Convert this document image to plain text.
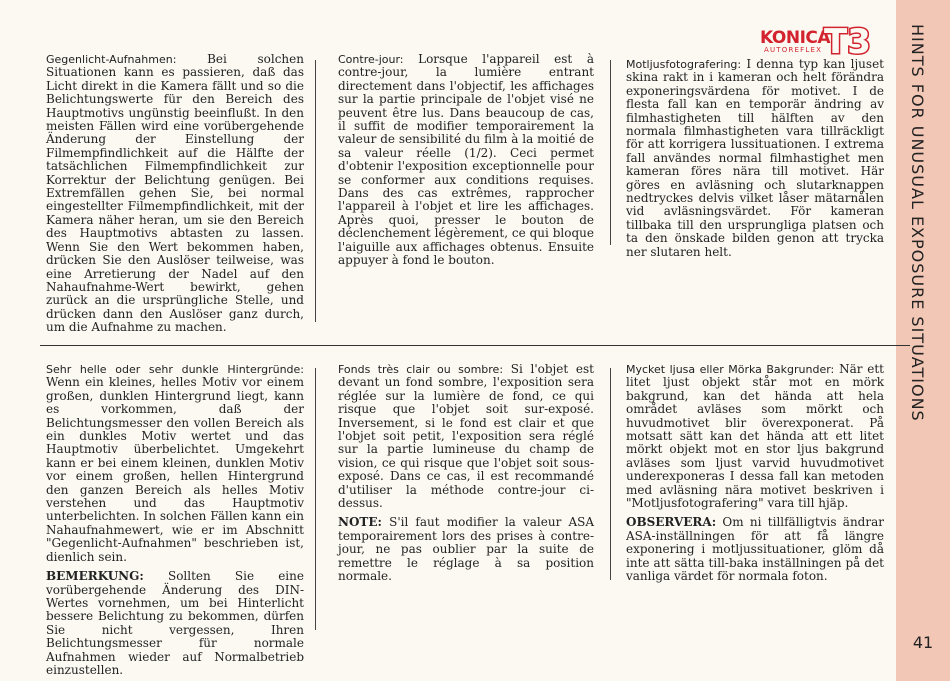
KONICA
AUTOREFLEX T3 HINTS FOR UNUSUAL EXPOSURE SITUATIONS
41

Gegenlicht-Aufnahmen:	Bei solchen Situationen kann es passieren, daß das Licht direkt in die Kamera fällt und so die Belichtungswerte für den Bereich des Hauptmotivs ungünstig beeinflußt. In den meisten Fällen wird eine vorübergehende Änderung der Einstellung der Filmempfindlichkeit auf die Hälfte der tatsächlichen Filmempfindlichkeit zur Korrektur der Belichtung genügen. Bei Extremfällen gehen Sie, bei normal eingestellter Filmempfindlichkeit, mit der Kamera näher heran, um sie den Bereich des Hauptmotivs abtasten zu lassen. Wenn Sie den Wert bekommen haben, drücken Sie den Auslöser teilweise, was eine Arretierung der Nadel auf den Nahaufnahme-Wert bewirkt, gehen zurück an die ursprüngliche Stelle, und drücken dann den Auslöser ganz durch, um die Aufnahme zu machen.

Contre-jour: Lorsque l'appareil est à contre-jour, la lumière entrant directement dans l'objectif, les affichages sur la partie principale de l'objet visé ne peuvent être lus. Dans beaucoup de cas, il suffit de modifier temporairement la valeur de sensibilité du film à la moitié de sa valeur réelle (1/2). Ceci permet d'obtenir l'exposition exceptionnelle pour se conformer aux conditions requises. Dans des cas extrêmes, rapprocher l'appareil à l'objet et lire les affichages. Après quoi, presser le bouton de déclenchement légèrement, ce qui bloque l'aiguille aux affichages obtenus. Ensuite appuyer à fond le bouton.

Motljusfotografering: I denna typ kan ljuset skina rakt in i kameran och helt förändra exponeringsvärdena för motivet. I de flesta fall kan en temporär ändring av filmhastigheten till hälften av den normala filmhastigheten vara tillräckligt för att korrigera lussituationen. I extrema fall användes normal filmhastighet men kameran föres nära till motivet. Här göres en avläsning och slutarknappen nedtryckes delvis vilket låser mätarnålen vid avläsningsvärdet. För kameran tillbaka till den ursprungliga platsen och ta den önskade bilden genon att trycka ner slutaren helt.

Sehr helle oder sehr dunkle Hintergründe: Wenn ein kleines, helles Motiv vor einem großen, dunklen Hintergrund liegt, kann es vorkommen, daß der Belichtungsmesser den vollen Bereich als ein dunkles Motiv wertet und das Hauptmotiv überbelichtet. Umgekehrt kann er bei einem kleinen, dunklen Motiv vor einem großen, hellen Hintergrund den ganzen Bereich als helles Motiv verstehen und das Hauptmotiv unterbelichten. In solchen Fällen kann ein Nahaufnahmewert, wie er im Abschnitt "Gegenlicht-Aufnahmen" beschrieben ist, dienlich sein.

BEMERKUNG: Sollten Sie eine vorübergehende Änderung des DIN-Wertes vornehmen, um bei Hinterlicht bessere Belichtung zu bekommen, dürfen Sie nicht vergessen, Ihren Belichtungsmesser für normale Aufnahmen wieder auf Normalbetrieb einzustellen.

Fonds très clair ou sombre: Si l'objet est devant un fond sombre, l'exposition sera réglée sur la lumière de fond, ce qui risque que l'objet soit sur-exposé. Inversement, si le fond est clair et que l'objet soit petit, l'exposition sera réglé sur la partie lumineuse du champ de vision, ce qui risque que l'objet soit sous-exposé. Dans ce cas, il est recommandé d'utiliser la méthode contre-jour ci-dessus.

NOTE: S'il faut modifier la valeur ASA temporairement lors des prises à contre-jour, ne pas oublier par la suite de remettre le réglage à sa position normale.

Mycket ljusa eller Mörka Bakgrunder: När ett litet ljust objekt står mot en mörk bakgrund, kan det hända att hela området avläses som mörkt och huvudmotivet blir överexponerat. På motsatt sätt kan det hända att ett litet mörkt objekt mot en stor ljus bakgrund avläses som ljust varvid huvudmotivet underexponeras I dessa fall kan metoden med avläsning nära motivet beskriven i "Motljusfotografering" vara till hjäp.

OBSERVERA: Om ni tillfälligtvis ändrar ASA-inställningen för att få längre exponering i motljussituationer, glöm då inte att sätta till-baka inställningen på det vanliga värdet för normala foton.
